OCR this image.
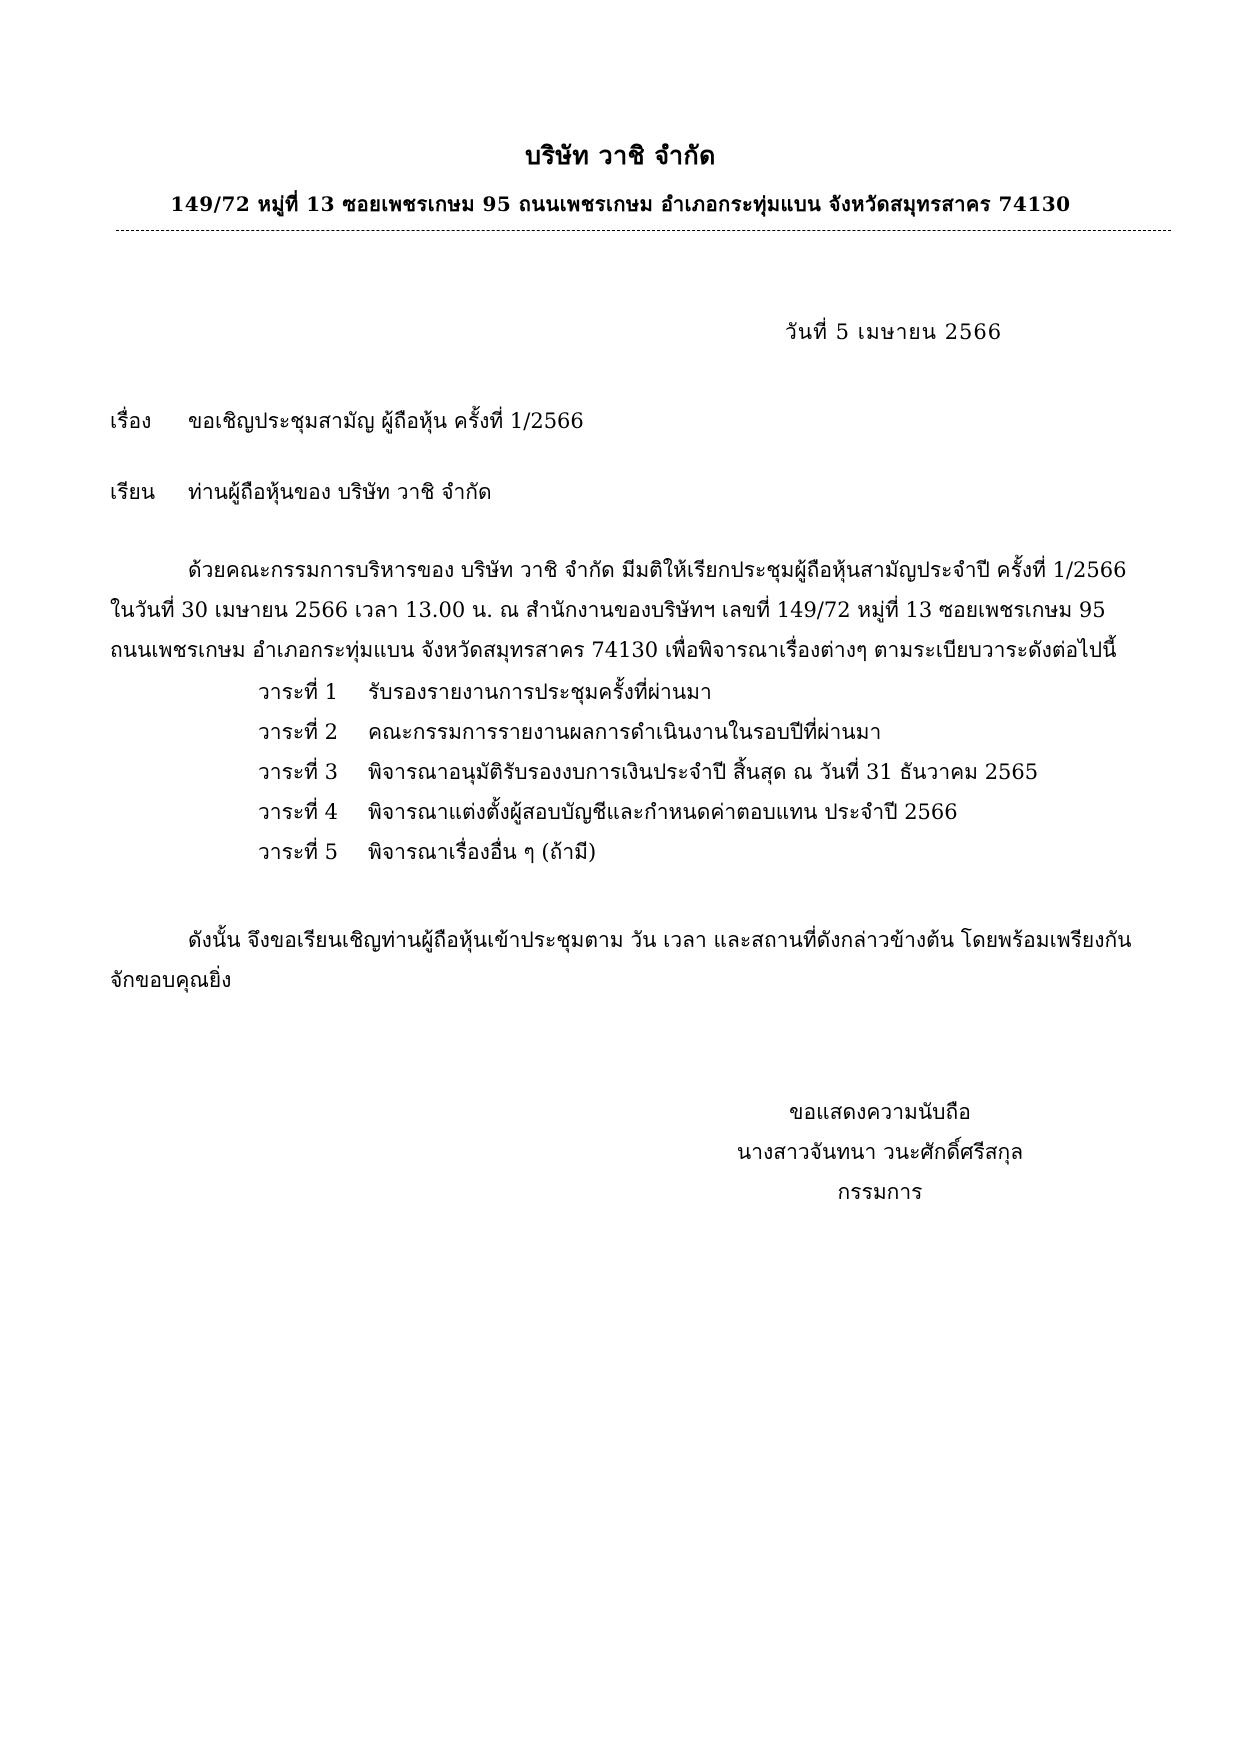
บริษัท วาชิ จำกัด
149/72 หมู่ที่ 13 ซอยเพชรเกษม 95 ถนนเพชรเกษม อำเภอกระทุ่มแบน จังหวัดสมุทรสาคร 74130
วันที่ 5 เมษายน 2566
เรื่อง ขอเชิญประชุมสามัญ ผู้ถือหุ้น ครั้งที่ 1/2566
เรียน ท่านผู้ถือหุ้นของ บริษัท วาชิ จำกัด
ด้วยคณะกรรมการบริหารของ บริษัท วาชิ จำกัด มีมติให้เรียกประชุมผู้ถือหุ้นสามัญประจำปี ครั้งที่ 1/2566
ในวันที่ 30 เมษายน 2566 เวลา 13.00 น. ณ สำนักงานของบริษัทฯ เลขที่ 149/72 หมู่ที่ 13 ซอยเพชรเกษม 95
ถนนเพชรเกษม อำเภอกระทุ่มแบน จังหวัดสมุทรสาคร 74130 เพื่อพิจารณาเรื่องต่างๆ ตามระเบียบวาระดังต่อไปนี้
วาระที่ 1 รับรองรายงานการประชุมครั้งที่ผ่านมา
วาระที่ 2 คณะกรรมการรายงานผลการดำเนินงานในรอบปีที่ผ่านมา
วาระที่ 3 พิจารณาอนุมัติรับรองงบการเงินประจำปี สิ้นสุด ณ วันที่ 31 ธันวาคม 2565
วาระที่ 4 พิจารณาแต่งตั้งผู้สอบบัญชีและกำหนดค่าตอบแทน ประจำปี 2566
วาระที่ 5 พิจารณาเรื่องอื่น ๆ (ถ้ามี)
ดังนั้น จึงขอเรียนเชิญท่านผู้ถือหุ้นเข้าประชุมตาม วัน เวลา และสถานที่ดังกล่าวข้างต้น โดยพร้อมเพรียงกัน
จักขอบคุณยิ่ง
ขอแสดงความนับถือ
นางสาวจันทนา วนะศักดิ์ศรีสกุล
กรรมการ
